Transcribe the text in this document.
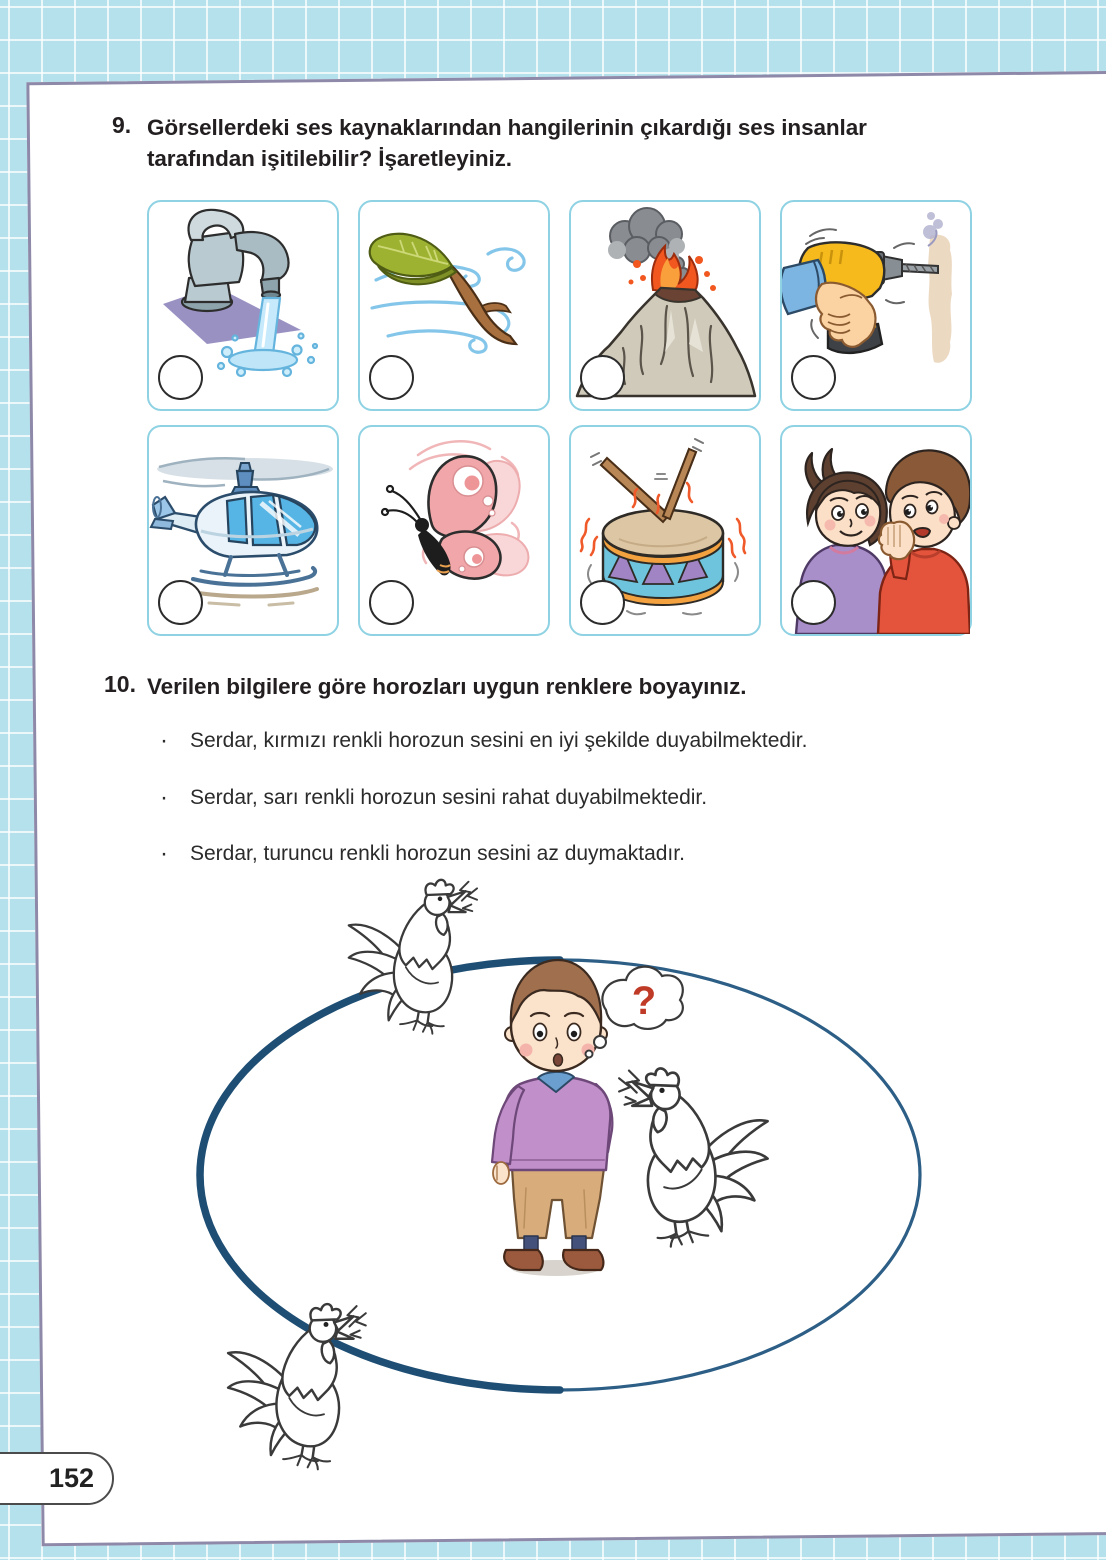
9. Görsellerdeki ses kaynaklarından hangilerinin çıkardığı ses insanlar tarafından işitilebilir? İşaretleyiniz.
10. Verilen bilgilere göre horozları uygun renklere boyayınız.
· Serdar, kırmızı renkli horozun sesini en iyi şekilde duyabilmektedir.
· Serdar, sarı renkli horozun sesini rahat duyabilmektedir.
· Serdar, turuncu renkli horozun sesini az duymaktadır.
?
152
